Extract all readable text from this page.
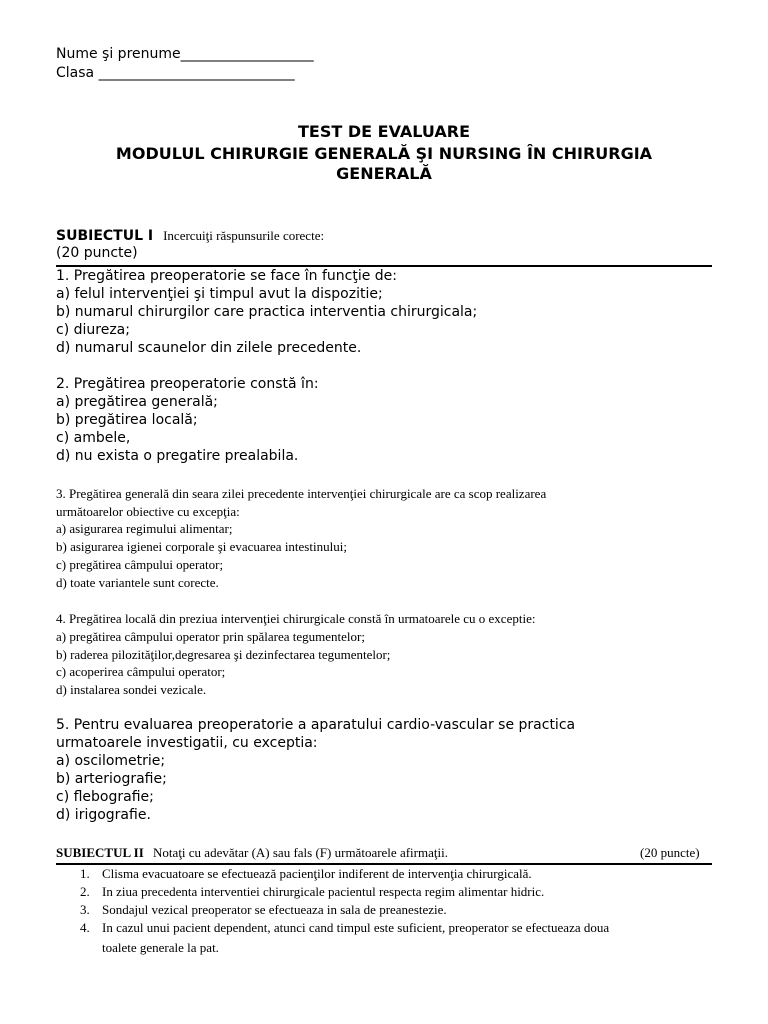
Nume şi prenume___________________
Clasa ____________________________
TEST DE EVALUARE
MODULUL CHIRURGIE GENERALĂ ŞI NURSING ÎN CHIRURGIA
GENERALĂ
SUBIECTUL I Incercuiţi răspunsurile corecte:
(20 puncte)
1. Pregătirea preoperatorie se face în funcţie de:
a) felul intervenţiei şi timpul avut la dispozitie;
b) numarul chirurgilor care practica interventia chirurgicala;
c) diureza;
d) numarul scaunelor din zilele precedente.
2. Pregătirea preoperatorie constă în:
a) pregătirea generală;
b) pregătirea locală;
c) ambele,
d) nu exista o pregatire prealabila.
3. Pregătirea generală din seara zilei precedente intervenţiei chirurgicale are ca scop realizarea
următoarelor obiective cu excepţia:
a) asigurarea regimului alimentar;
b) asigurarea igienei corporale şi evacuarea intestinului;
c) pregătirea câmpului operator;
d) toate variantele sunt corecte.
4. Pregătirea locală din preziua intervenţiei chirurgicale constă în urmatoarele cu o exceptie:
a) pregătirea câmpului operator prin spălarea tegumentelor;
b) raderea pilozităţilor,degresarea şi dezinfectarea tegumentelor;
c) acoperirea câmpului operator;
d) instalarea sondei vezicale.
5. Pentru evaluarea preoperatorie a aparatului cardio-vascular se practica
urmatoarele investigatii, cu exceptia:
a) oscilometrie;
b) arteriografie;
c) flebografie;
d) irigografie.
SUBIECTUL II Notaţi cu adevătar (A) sau fals (F) următoarele afirmaţii.	(20 puncte)
1. Clisma evacuatoare se efectuează pacienţilor indiferent de intervenţia chirurgicală.
2. In ziua precedenta interventiei chirurgicale pacientul respecta regim alimentar hidric.
3. Sondajul vezical preoperator se efectueaza in sala de preanestezie.
4. In cazul unui pacient dependent, atunci cand timpul este suficient, preoperator se efectueaza doua
toalete generale la pat.
